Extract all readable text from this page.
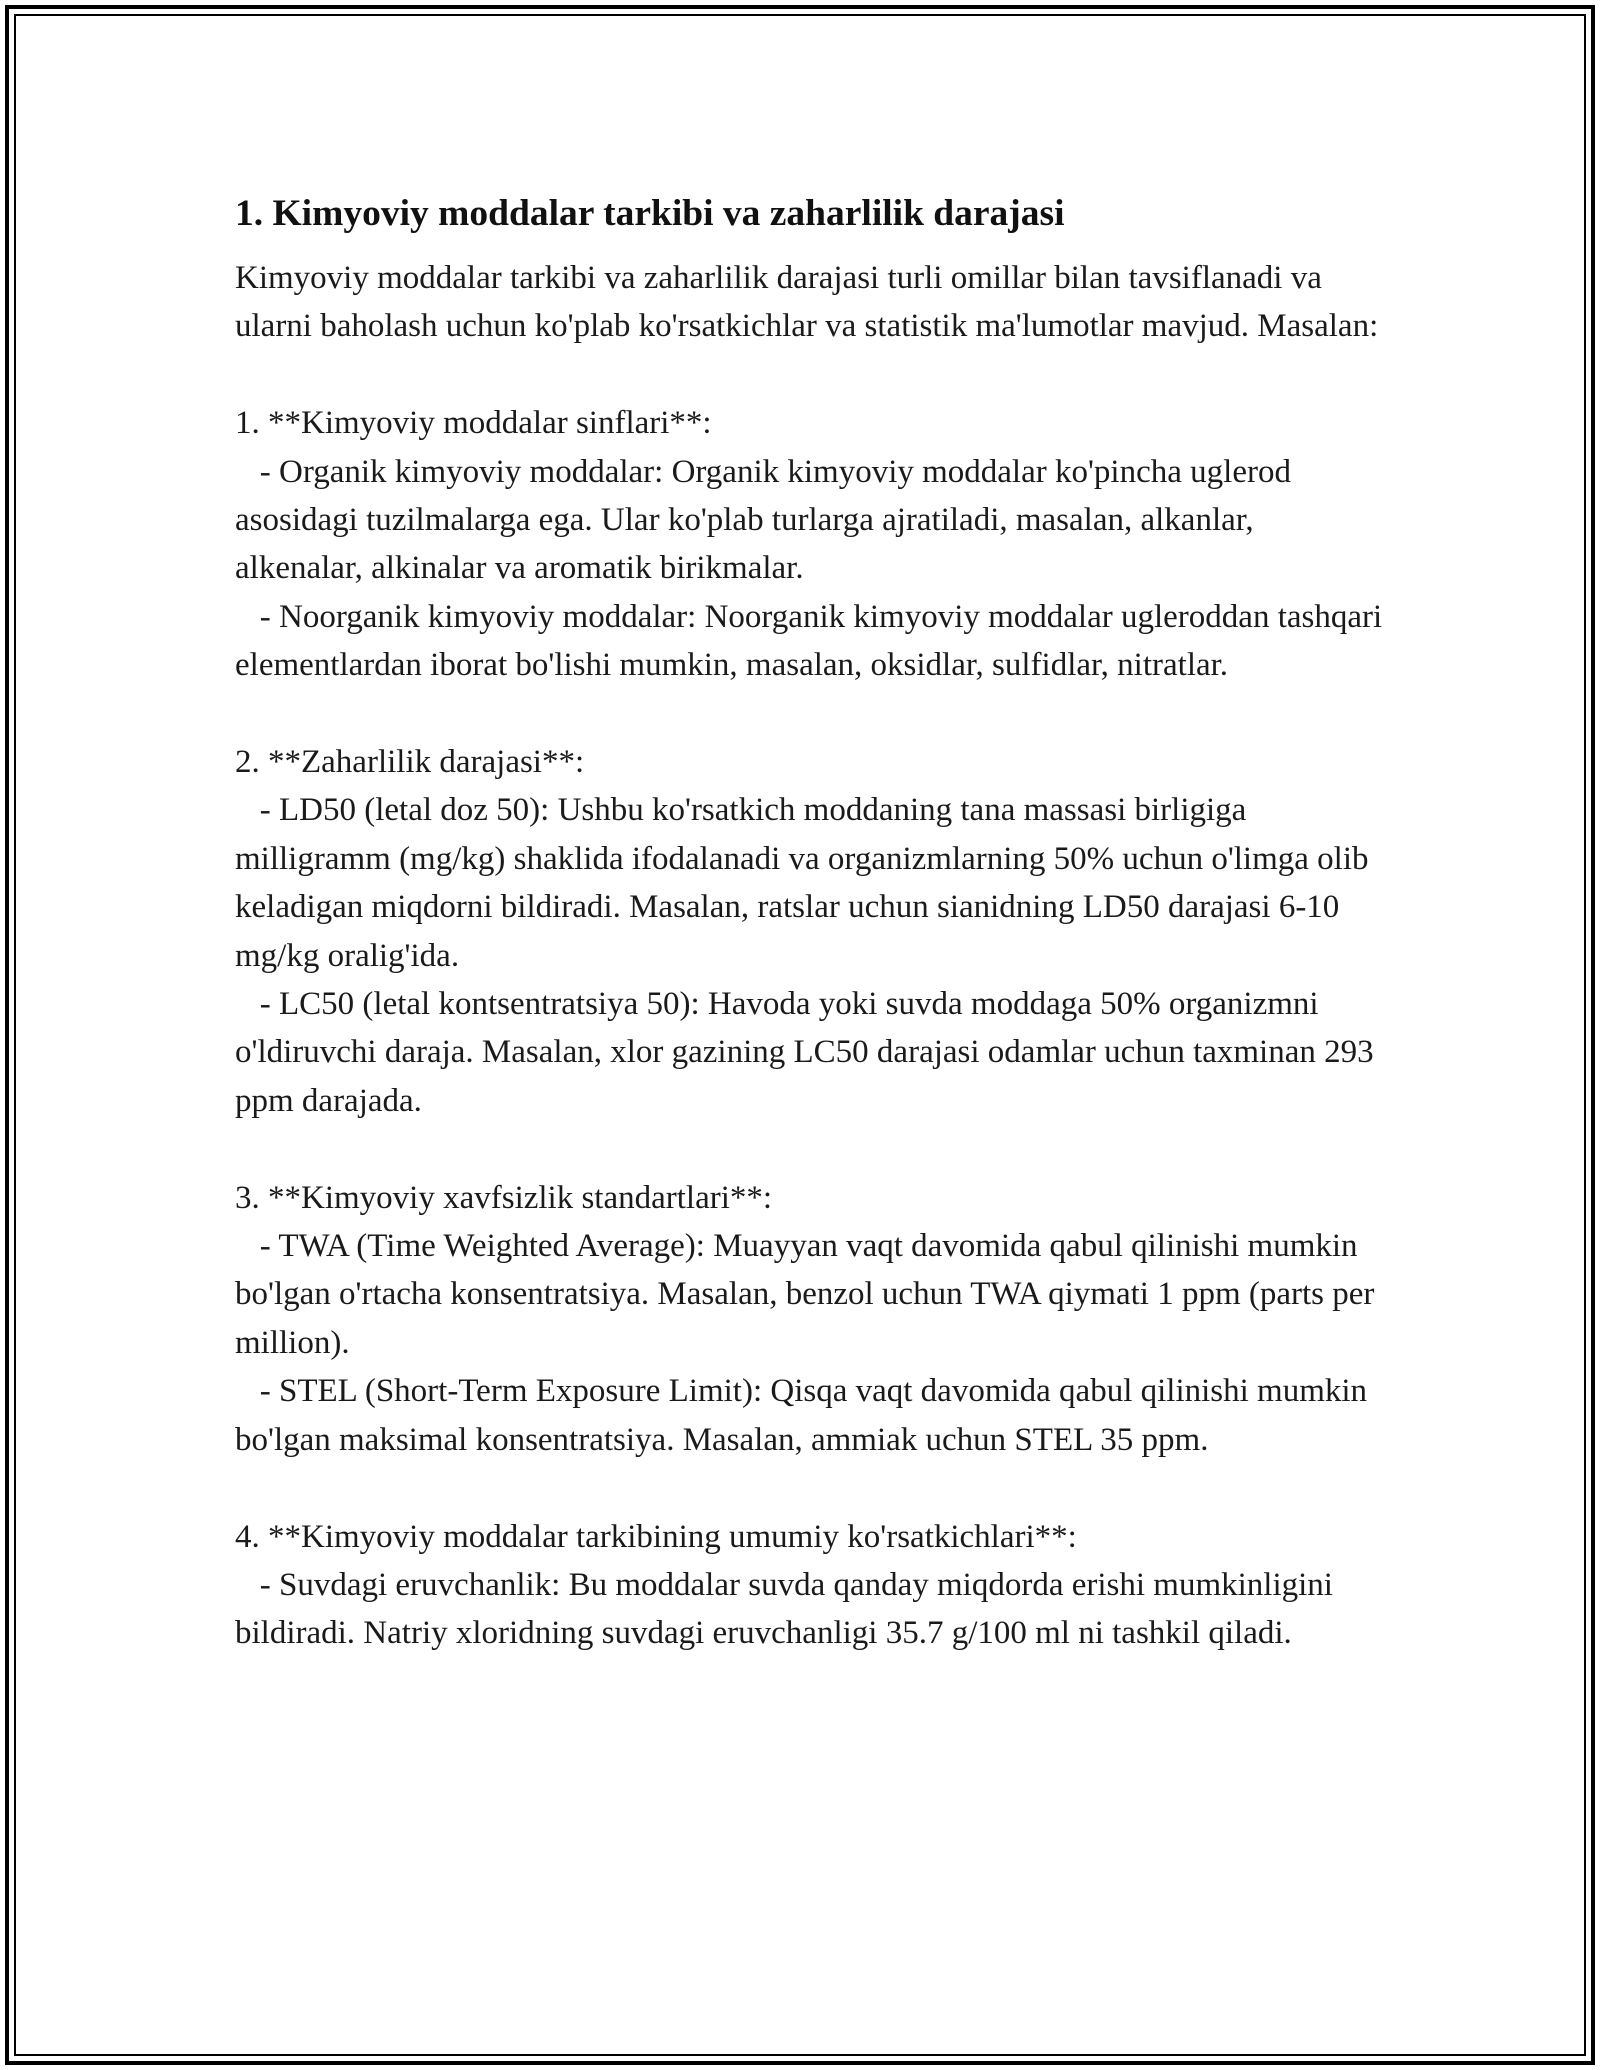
1. Kimyoviy moddalar tarkibi va zaharlilik darajasi

Kimyoviy moddalar tarkibi va zaharlilik darajasi turli omillar bilan tavsiflanadi va ularni baholash uchun ko'plab ko'rsatkichlar va statistik ma'lumotlar mavjud. Masalan:

1. **Kimyoviy moddalar sinflari**:

- Organik kimyoviy moddalar: Organik kimyoviy moddalar ko'pincha uglerod asosidagi tuzilmalarga ega. Ular ko'plab turlarga ajratiladi, masalan, alkanlar, alkenalar, alkinalar va aromatik birikmalar.

- Noorganik kimyoviy moddalar: Noorganik kimyoviy moddalar ugleroddan tashqari elementlardan iborat bo'lishi mumkin, masalan, oksidlar, sulfidlar, nitratlar.

2. **Zaharlilik darajasi**:

- LD50 (letal doz 50): Ushbu ko'rsatkich moddaning tana massasi birligiga milligramm (mg/kg) shaklida ifodalanadi va organizmlarning 50% uchun o'limga olib keladigan miqdorni bildiradi. Masalan, ratslar uchun sianidning LD50 darajasi 6-10 mg/kg oralig'ida.

- LC50 (letal kontsentratsiya 50): Havoda yoki suvda moddaga 50% organizmni o'ldiruvchi daraja. Masalan, xlor gazining LC50 darajasi odamlar uchun taxminan 293 ppm darajada.

3. **Kimyoviy xavfsizlik standartlari**:

- TWA (Time Weighted Average): Muayyan vaqt davomida qabul qilinishi mumkin bo'lgan o'rtacha konsentratsiya. Masalan, benzol uchun TWA qiymati 1 ppm (parts per million).

- STEL (Short-Term Exposure Limit): Qisqa vaqt davomida qabul qilinishi mumkin bo'lgan maksimal konsentratsiya. Masalan, ammiak uchun STEL 35 ppm.

4. **Kimyoviy moddalar tarkibining umumiy ko'rsatkichlari**:

- Suvdagi eruvchanlik: Bu moddalar suvda qanday miqdorda erishi mumkinligini bildiradi. Natriy xloridning suvdagi eruvchanligi 35.7 g/100 ml ni tashkil qiladi.
